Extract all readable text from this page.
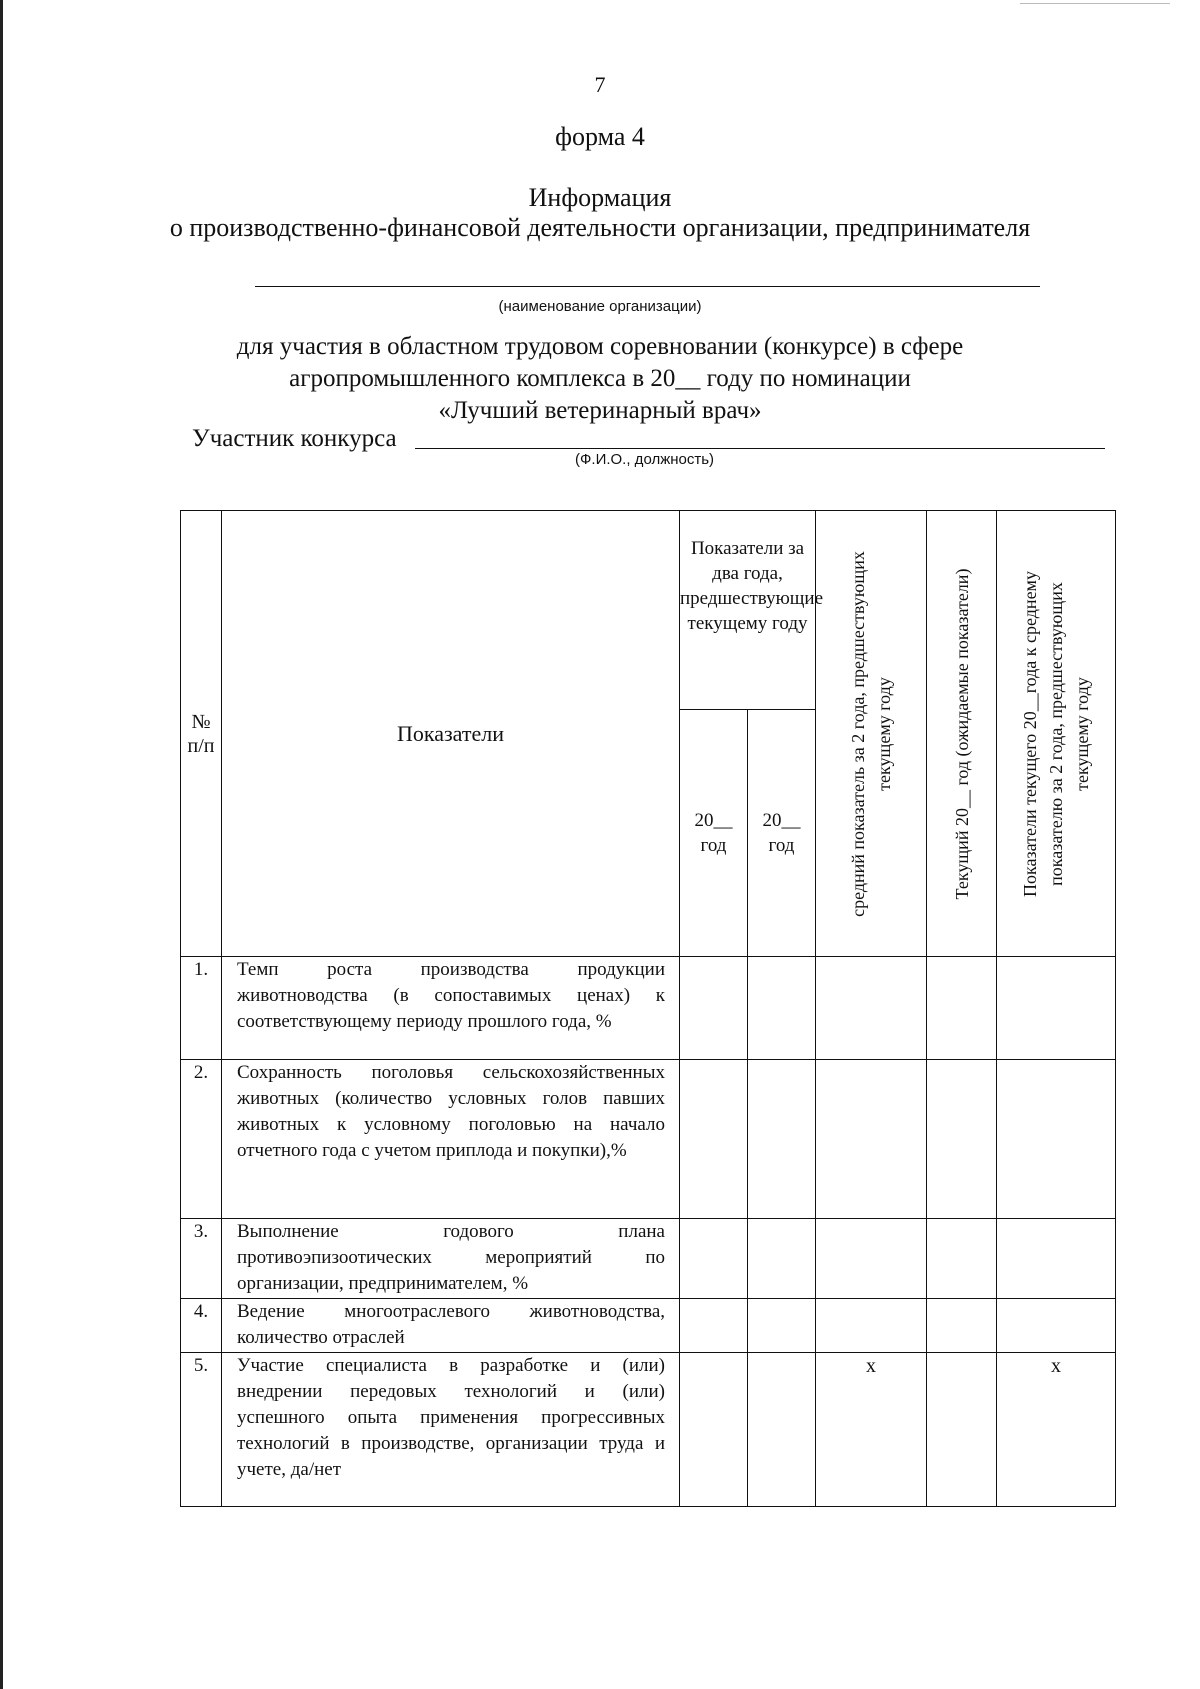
7
форма 4
Информация
о производственно-финансовой деятельности организации, предпринимателя
(наименование организации)
для участия в областном трудовом соревновании (конкурсе) в сфере
агропромышленного комплекса в 20__ году по номинации
«Лучший ветеринарный врач»
Участник конкурса
(Ф.И.О., должность)
№ п/п	Показатели	Показатели за два года, предшествующие текущему году		средний показатель за 2 года, предшествующих текущему году	Текущий 20__ год (ожидаемые показатели)	Показатели текущего 20__года к среднему показателю за 2 года, предшествующих текущему году

		20__ год	20__ год			
1.	Темп роста производства продукции животноводства (в сопоставимых ценах) к соответствующему периоду прошлого года, %					
2.	Сохранность поголовья сельскохозяйственных животных (количество условных голов павших животных к условному поголовью на начало отчетного года с учетом приплода и покупки),%					
3.	Выполнение годового плана противоэпизоотических мероприятий по организации, предпринимателем, %					
4.	Ведение многоотраслевого животноводства, количество отраслей					
5.	Участие специалиста в разработке и (или) внедрении передовых технологий и (или) успешного опыта применения прогрессивных технологий в производстве, организации труда и учете, да/нет			х		х
